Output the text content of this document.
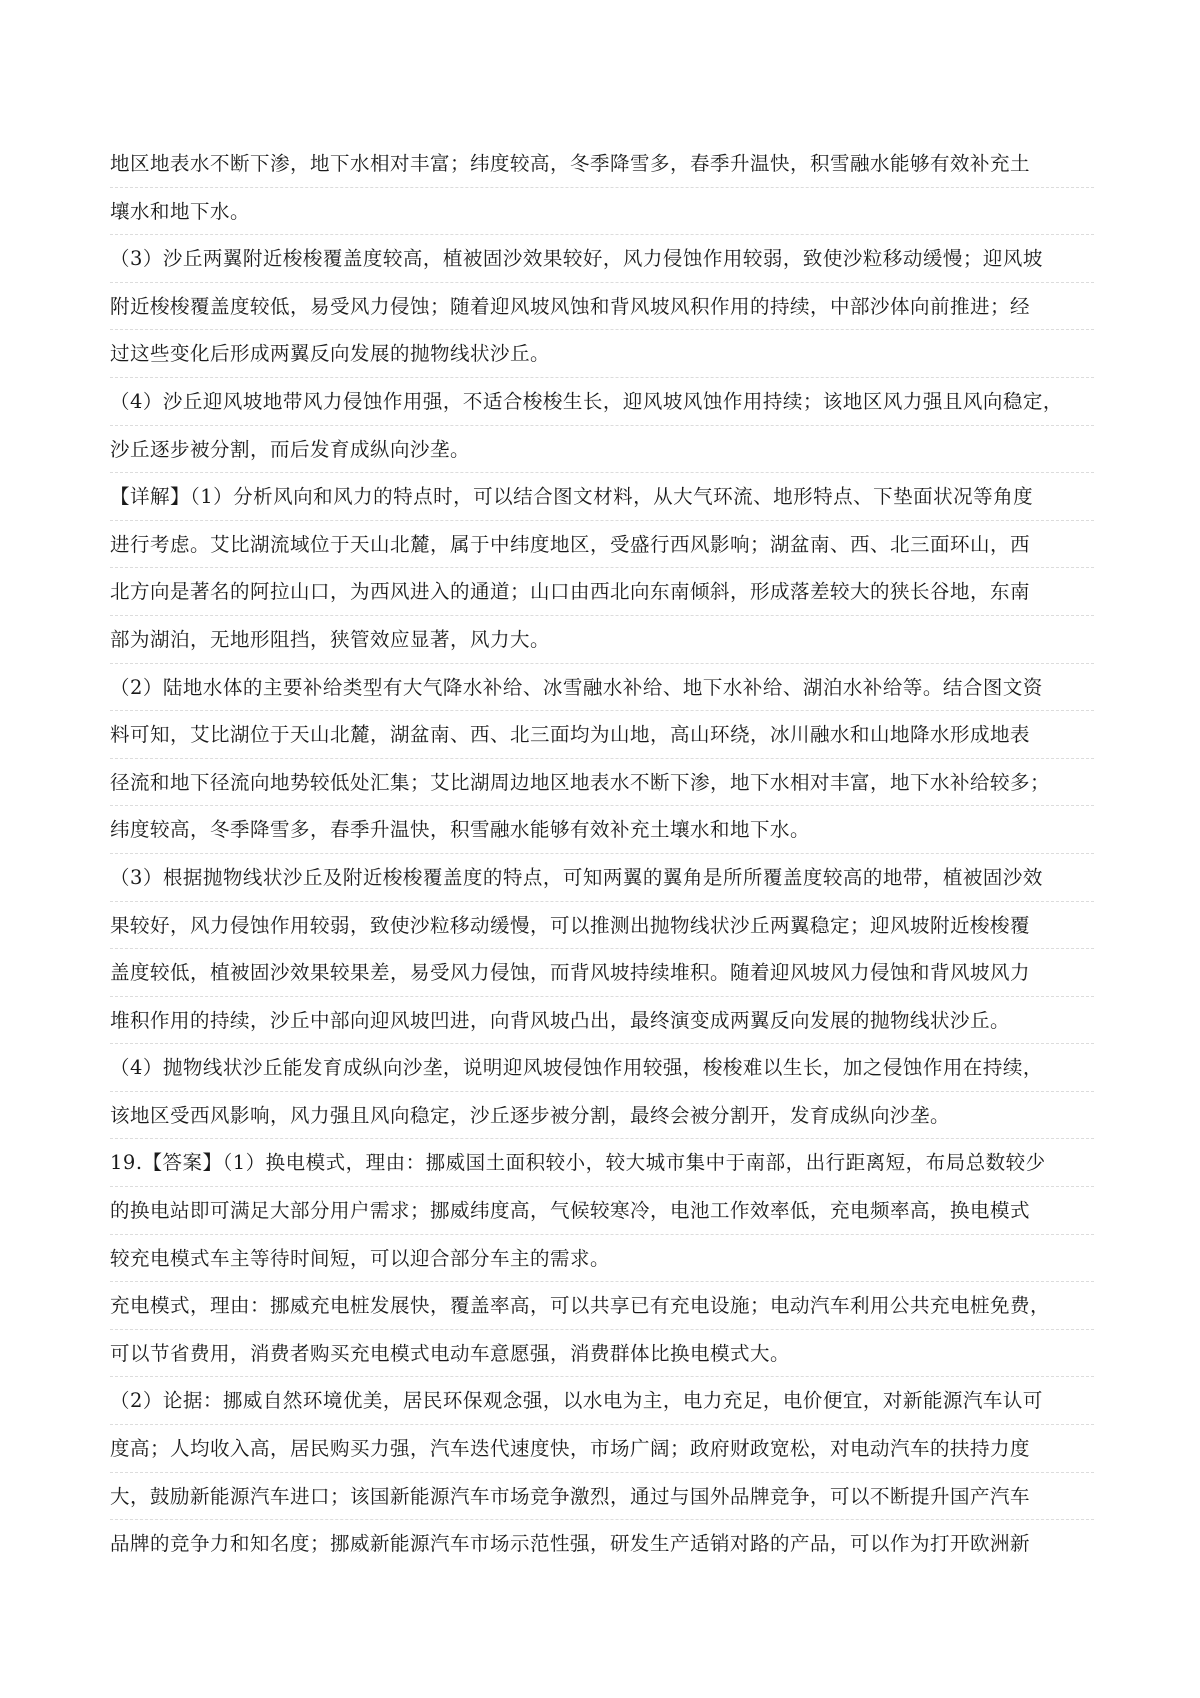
地区地表水不断下渗，地下水相对丰富；纬度较高，冬季降雪多，春季升温快，积雪融水能够有效补充土
壤水和地下水。
（3）沙丘两翼附近梭梭覆盖度较高，植被固沙效果较好，风力侵蚀作用较弱，致使沙粒移动缓慢；迎风坡
附近梭梭覆盖度较低，易受风力侵蚀；随着迎风坡风蚀和背风坡风积作用的持续，中部沙体向前推进；经
过这些变化后形成两翼反向发展的抛物线状沙丘。
（4）沙丘迎风坡地带风力侵蚀作用强，不适合梭梭生长，迎风坡风蚀作用持续；该地区风力强且风向稳定，
沙丘逐步被分割，而后发育成纵向沙垄。
【详解】（1）分析风向和风力的特点时，可以结合图文材料，从大气环流、地形特点、下垫面状况等角度
进行考虑。艾比湖流域位于天山北麓，属于中纬度地区，受盛行西风影响；湖盆南、西、北三面环山，西
北方向是著名的阿拉山口，为西风进入的通道；山口由西北向东南倾斜，形成落差较大的狭长谷地，东南
部为湖泊，无地形阻挡，狭管效应显著，风力大。
（2）陆地水体的主要补给类型有大气降水补给、冰雪融水补给、地下水补给、湖泊水补给等。结合图文资
料可知，艾比湖位于天山北麓，湖盆南、西、北三面均为山地，高山环绕，冰川融水和山地降水形成地表
径流和地下径流向地势较低处汇集；艾比湖周边地区地表水不断下渗，地下水相对丰富，地下水补给较多；
纬度较高，冬季降雪多，春季升温快，积雪融水能够有效补充土壤水和地下水。
（3）根据抛物线状沙丘及附近梭梭覆盖度的特点，可知两翼的翼角是所所覆盖度较高的地带，植被固沙效
果较好，风力侵蚀作用较弱，致使沙粒移动缓慢，可以推测出抛物线状沙丘两翼稳定；迎风坡附近梭梭覆
盖度较低，植被固沙效果较果差，易受风力侵蚀，而背风坡持续堆积。随着迎风坡风力侵蚀和背风坡风力
堆积作用的持续，沙丘中部向迎风坡凹进，向背风坡凸出，最终演变成两翼反向发展的抛物线状沙丘。
（4）抛物线状沙丘能发育成纵向沙垄，说明迎风坡侵蚀作用较强，梭梭难以生长，加之侵蚀作用在持续，
该地区受西风影响，风力强且风向稳定，沙丘逐步被分割，最终会被分割开，发育成纵向沙垄。
19.【答案】（1）换电模式，理由：挪威国土面积较小，较大城市集中于南部，出行距离短，布局总数较少
的换电站即可满足大部分用户需求；挪威纬度高，气候较寒冷，电池工作效率低，充电频率高，换电模式
较充电模式车主等待时间短，可以迎合部分车主的需求。
充电模式，理由：挪威充电桩发展快，覆盖率高，可以共享已有充电设施；电动汽车利用公共充电桩免费，
可以节省费用，消费者购买充电模式电动车意愿强，消费群体比换电模式大。
（2）论据：挪威自然环境优美，居民环保观念强，以水电为主，电力充足，电价便宜，对新能源汽车认可
度高；人均收入高，居民购买力强，汽车迭代速度快，市场广阔；政府财政宽松，对电动汽车的扶持力度
大，鼓励新能源汽车进口；该国新能源汽车市场竞争激烈，通过与国外品牌竞争，可以不断提升国产汽车
品牌的竞争力和知名度；挪威新能源汽车市场示范性强，研发生产适销对路的产品，可以作为打开欧洲新
